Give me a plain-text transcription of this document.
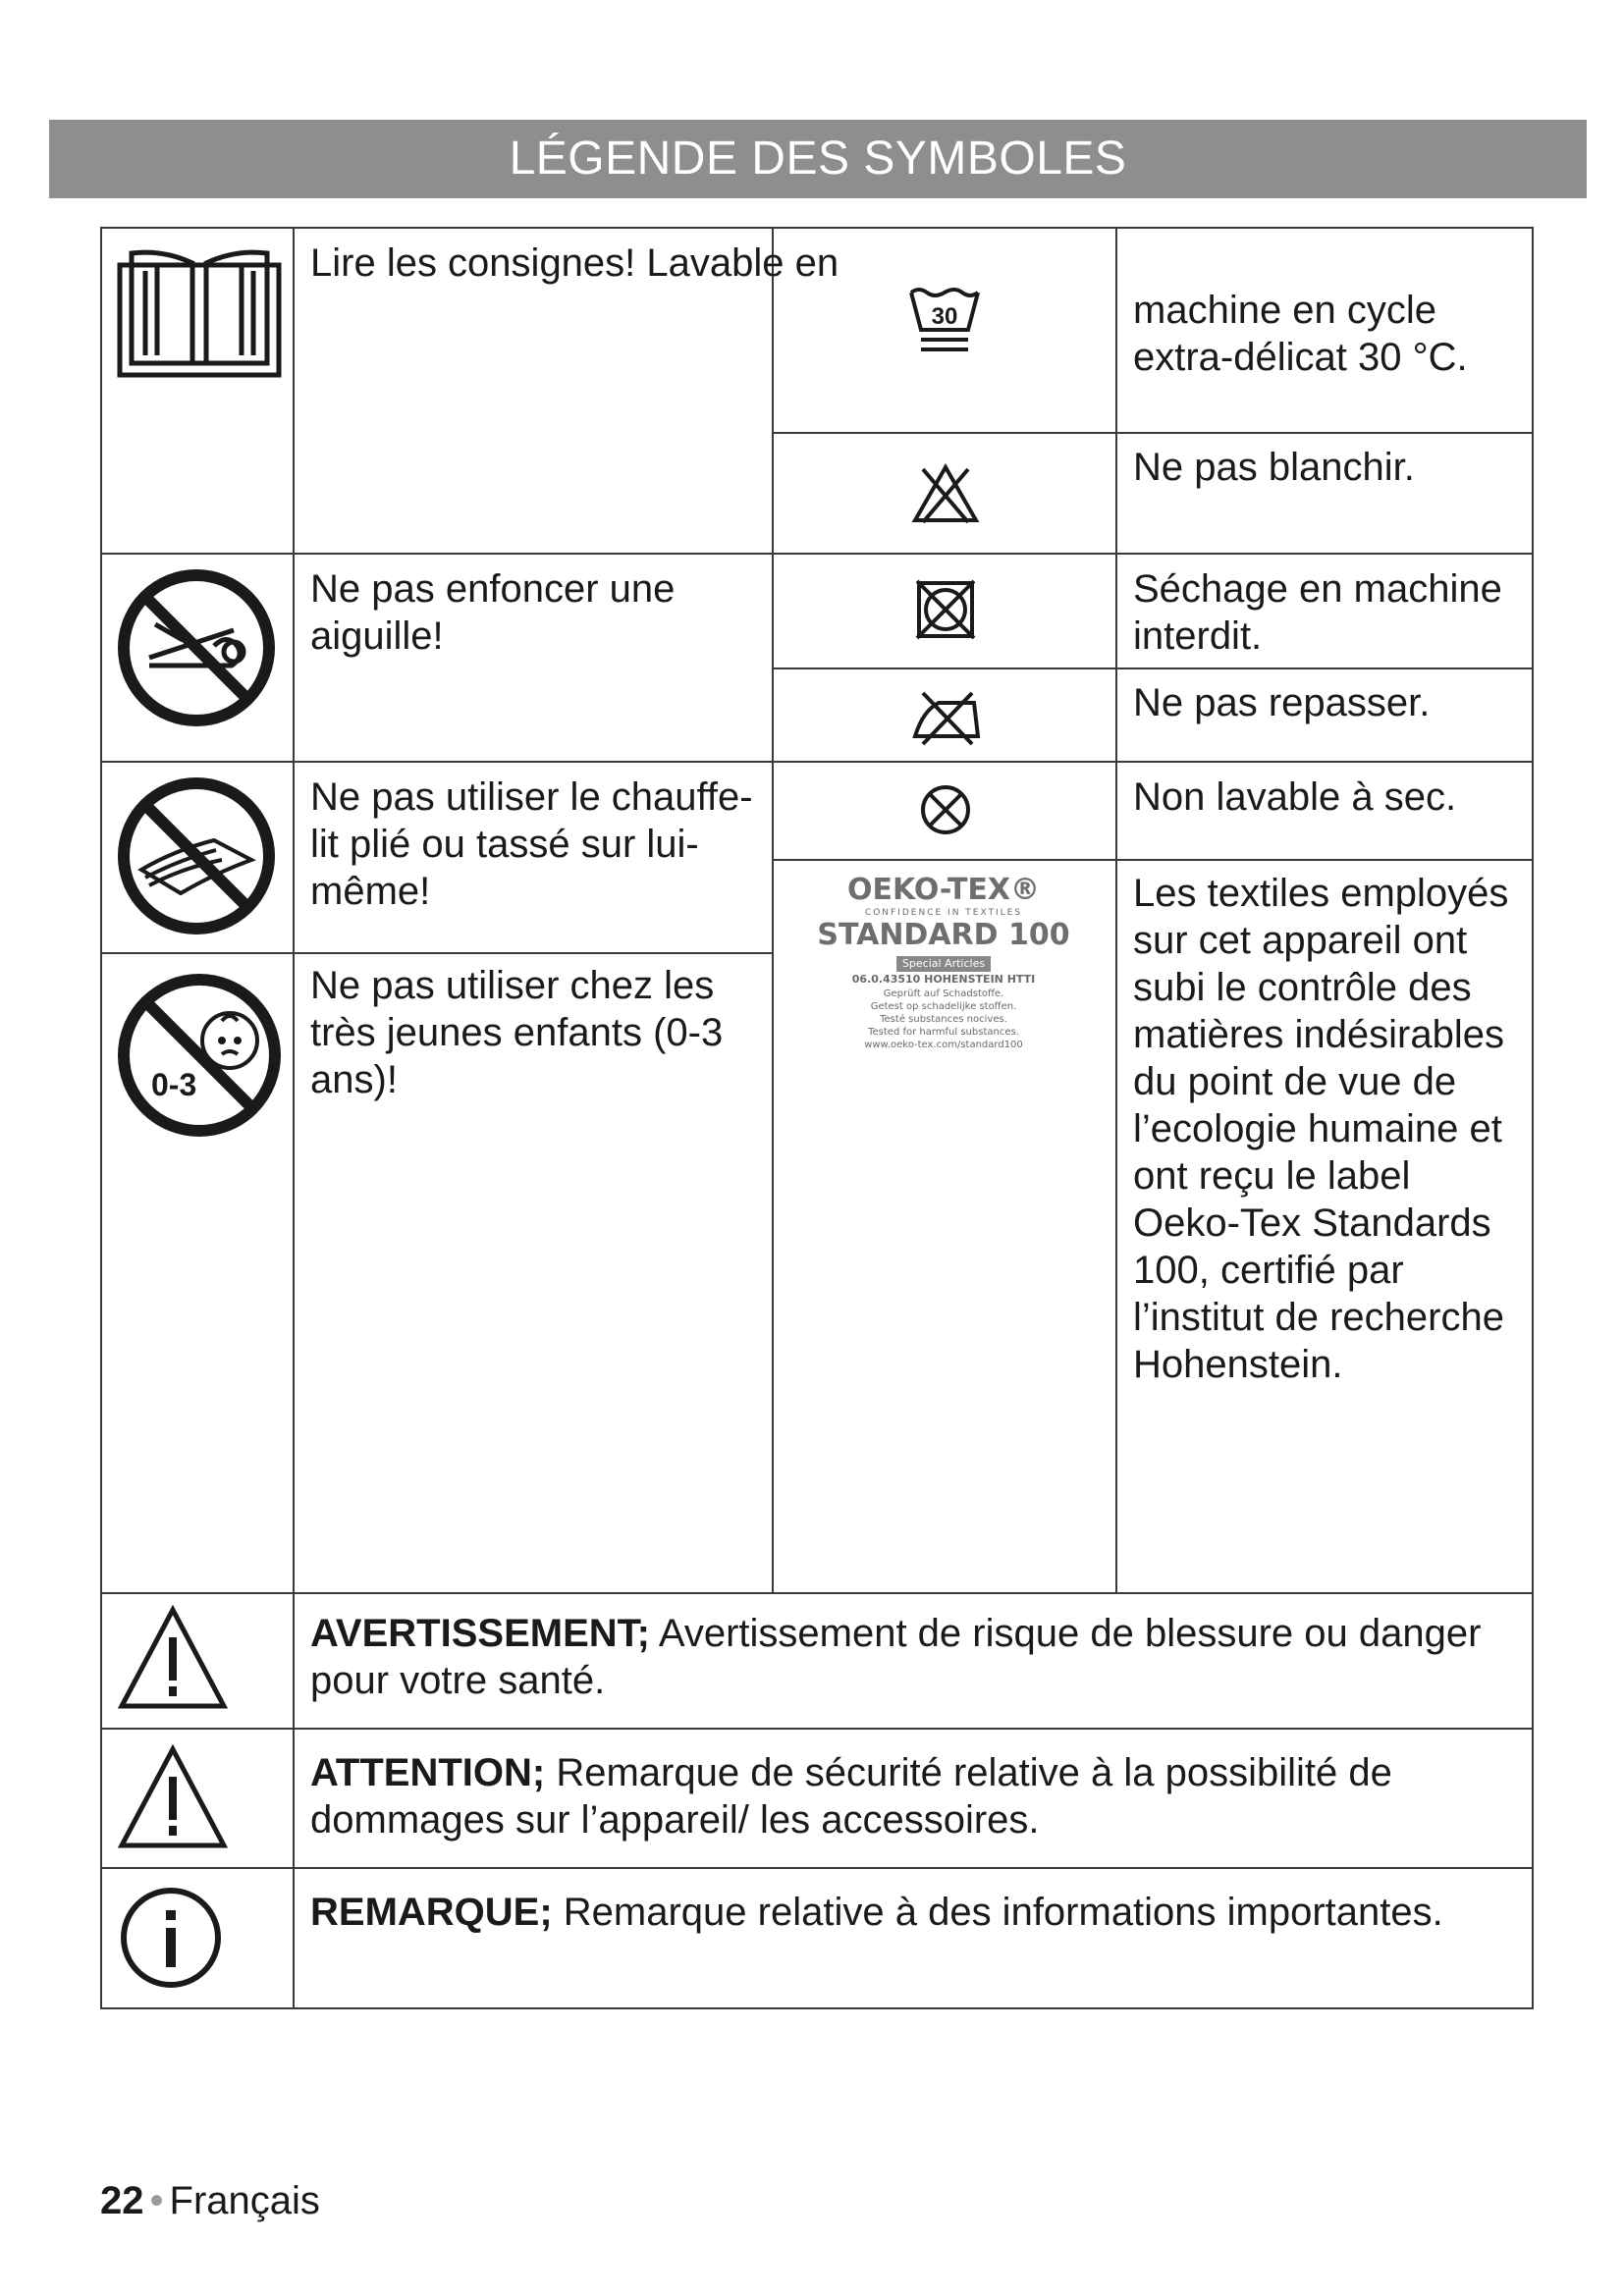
LÉGENDE DES SYMBOLES
Lire les consignes! Lavable en
30	machine en cycle extra-délicat 30 °C.
Ne pas blanchir.
Ne pas enfoncer une aiguille!
Séchage en machine interdit.
Ne pas repasser.
Ne pas utiliser le chauffe-lit plié ou tassé sur lui-même!
Non lavable à sec.
0-3
Ne pas utiliser chez les très jeunes enfants (0-3 ans)!
OEKO-TEX®
CONFIDENCE IN TEXTILES
STANDARD 100
Special Articles
06.0.43510 HOHENSTEIN HTTI
Geprüft auf Schadstoffe.
Getest op schadelijke stoffen.
Testé substances nocives.
Tested for harmful substances.
www.oeko-tex.com/standard100
Les textiles employés sur cet appareil ont subi le contrôle des matières indésirables du point de vue de l’ecologie humaine et ont reçu le label Oeko-Tex Standards 100, certifié par l’institut de recherche Hohenstein.
AVERTISSEMENT; Avertissement de risque de blessure ou danger pour votre santé.
ATTENTION; Remarque de sécurité relative à la possibilité de dommages sur l’appareil/ les accessoires.
REMARQUE; Remarque relative à des informations importantes.
22 • Français
